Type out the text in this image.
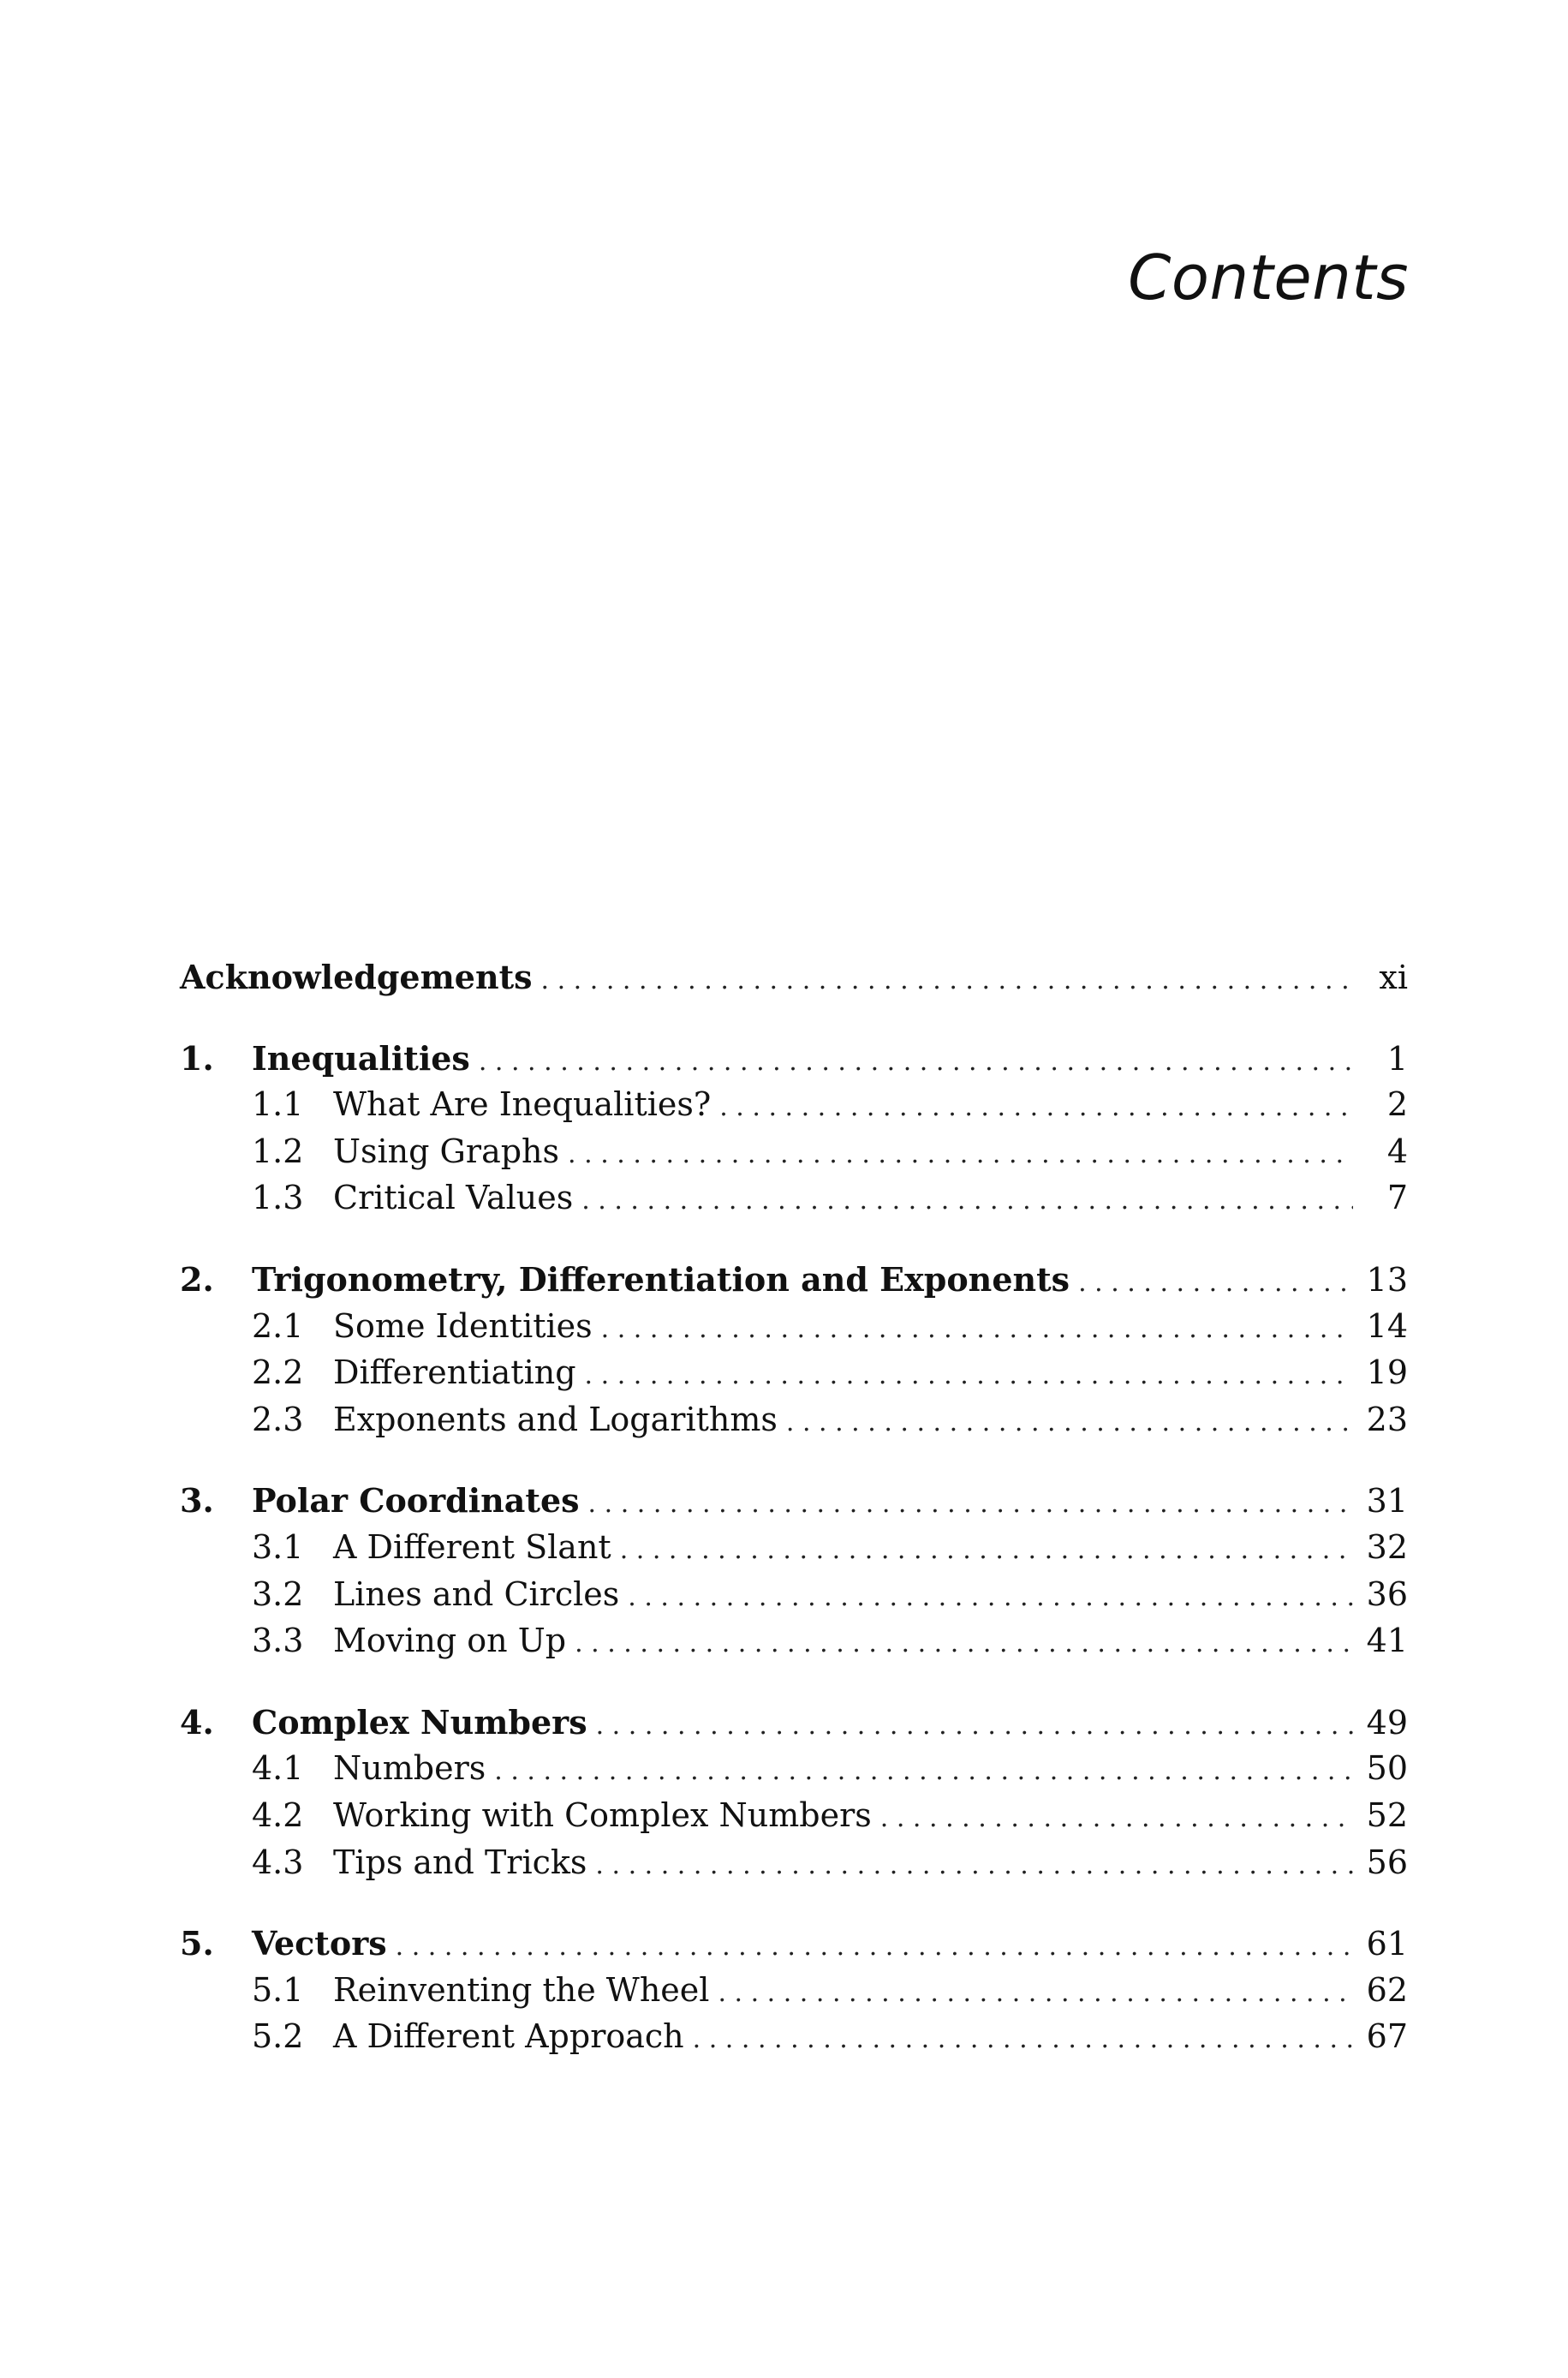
Contents
Acknowledgements . . .	xi
1.	Inequalities . . .	1
1.1 What Are Inequalities? . . .	2
1.2 Using Graphs . . .	4
1.3 Critical Values . . .	7
2.	Trigonometry, Differentiation and Exponents . . .	13
2.1 Some Identities . . .	14
2.2 Differentiating . . .	19
2.3 Exponents and Logarithms . . .	23
3.	Polar Coordinates . . .	31
3.1 A Different Slant . . .	32
3.2 Lines and Circles . . .	36
3.3 Moving on Up . . .	41
4.	Complex Numbers . . .	49
4.1 Numbers . . .	50
4.2 Working with Complex Numbers . . .	52
4.3 Tips and Tricks . . .	56
5.	Vectors . . .	61
5.1 Reinventing the Wheel . . .	62
5.2 A Different Approach . . .	67
